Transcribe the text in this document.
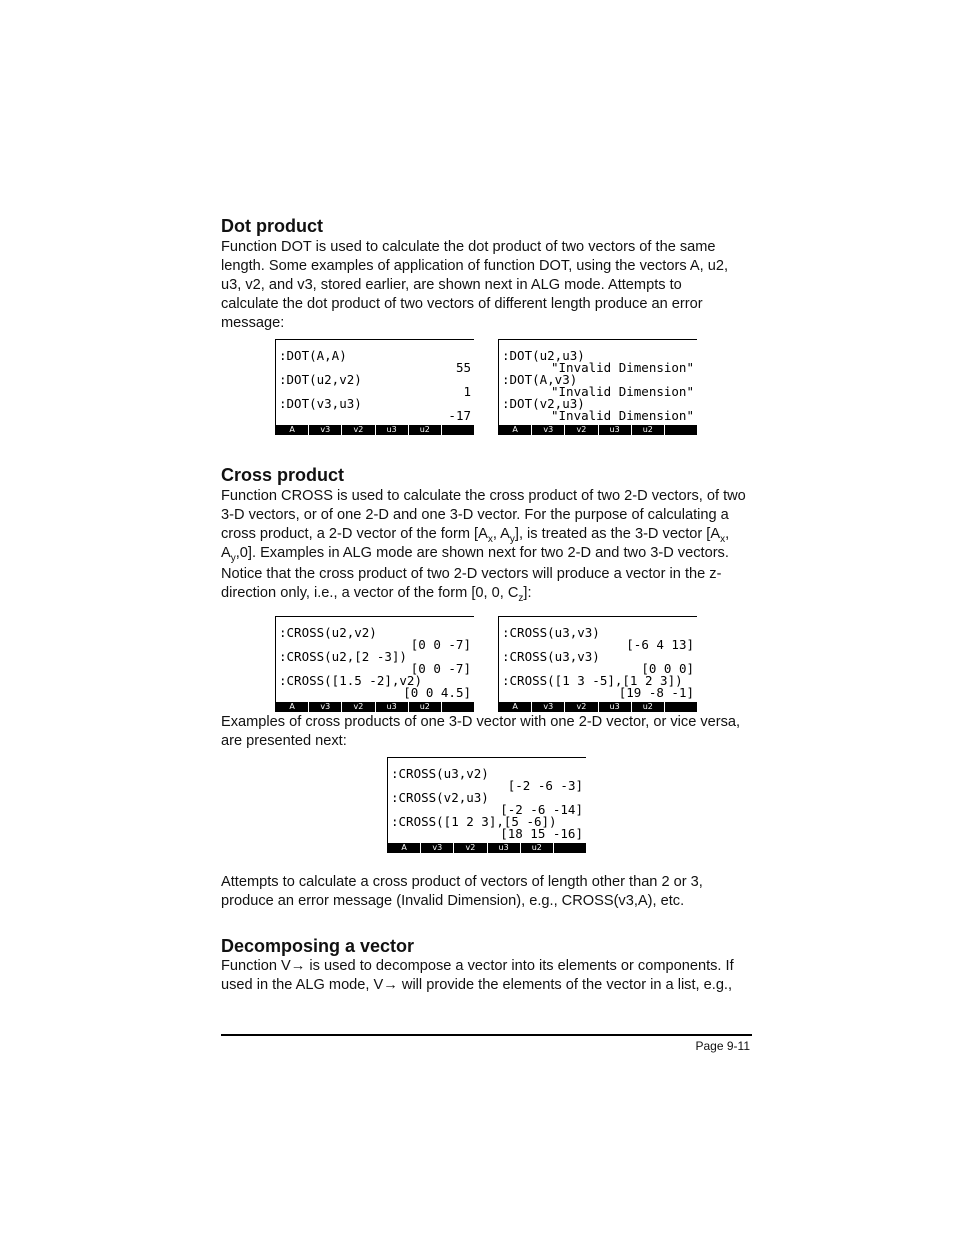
Dot product
Function DOT is used to calculate the dot product of two vectors of the same
length. Some examples of application of function DOT, using the vectors A, u2,
u3, v2, and v3, stored earlier, are shown next in ALG mode. Attempts to
calculate the dot product of two vectors of different length produce an error
message:
:DOT(A,A)
55
:DOT(u2,v2)
1
:DOT(v3,u3)
-17
A	v3	v2	u3	u2
:DOT(u2,u3)
"Invalid Dimension"
:DOT(A,v3)
"Invalid Dimension"
:DOT(v2,u3)
"Invalid Dimension"
A	v3	v2	u3	u2
Cross product
Function CROSS is used to calculate the cross product of two 2-D vectors, of two
3-D vectors, or of one 2-D and one 3-D vector. For the purpose of calculating a
cross product, a 2-D vector of the form [$A_x$, $A_y$], is treated as the 3-D vector [$A_x$,
$A_y,0$]. Examples in ALG mode are shown next for two 2-D and two 3-D vectors.
Notice that the cross product of two 2-D vectors will produce a vector in the z-
direction only, i.e., a vector of the form [0, 0, $C_z$]:
:CROSS(u2,v2)
[0 0 -7]
:CROSS(u2,[2 -3])
[0 0 -7]
:CROSS([1.5 -2],v2)
[0 0 4.5]
A	v3	v2	u3	u2
:CROSS(u3,v3)
[-6 4 13]
:CROSS(u3,v3)
[0 0 0]
:CROSS([1 3 -5],[1 2 3])
[19 -8 -1]
A	v3	v2	u3	u2
Examples of cross products of one 3-D vector with one 2-D vector, or vice versa,
are presented next:
:CROSS(u3,v2)
[-2 -6 -3]
:CROSS(v2,u3)
[-2 -6 -14]
:CROSS([1 2 3],[5 -6])
[18 15 -16]
A	v3	v2	u3	u2
Attempts to calculate a cross product of vectors of length other than 2 or 3,
produce an error message (Invalid Dimension), e.g., CROSS(v3,A), etc.
Decomposing a vector
Function V→ is used to decompose a vector into its elements or components. If
used in the ALG mode, V→ will provide the elements of the vector in a list, e.g.,
Page 9-11
